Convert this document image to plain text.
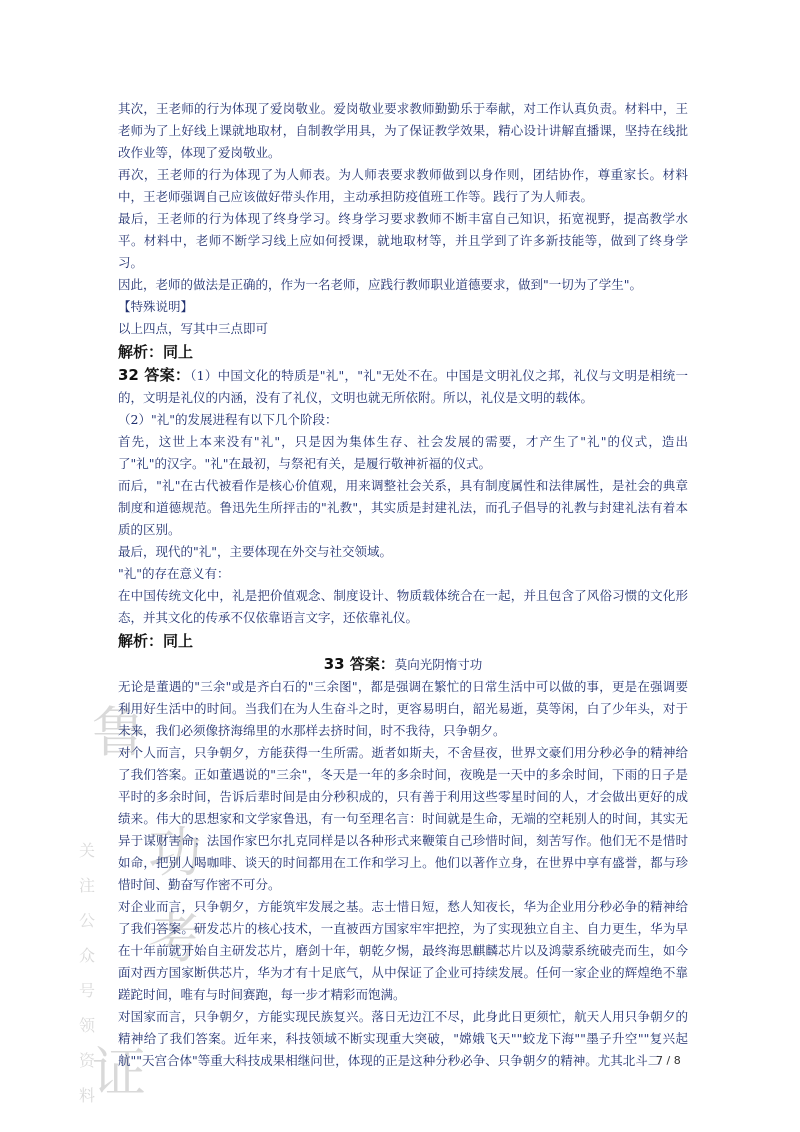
鲁
功
考
证
关
注
公
众
号
领
资
料

其次，王老师的行为体现了爱岗敬业。爱岗敬业要求教师勤勤乐于奉献，对工作认真负责。材料中，王老师为了上好线上课就地取材，自制教学用具，为了保证教学效果，精心设计讲解直播课，坚持在线批改作业等，体现了爱岗敬业。

再次，王老师的行为体现了为人师表。为人师表要求教师做到以身作则，团结协作，尊重家长。材料中，王老师强调自己应该做好带头作用，主动承担防疫值班工作等。践行了为人师表。

最后，王老师的行为体现了终身学习。终身学习要求教师不断丰富自己知识，拓宽视野，提高教学水平。材料中，老师不断学习线上应如何授课，就地取材等，并且学到了许多新技能等，做到了终身学习。

因此，老师的做法是正确的，作为一名老师，应践行教师职业道德要求，做到"一切为了学生"。

【特殊说明】

以上四点，写其中三点即可

解析：同上

32 答案：（1）中国文化的特质是"礼"，"礼"无处不在。中国是文明礼仪之邦，礼仪与文明是相统一的，文明是礼仪的内涵，没有了礼仪，文明也就无所依附。所以，礼仪是文明的载体。

（2）"礼"的发展进程有以下几个阶段：

首先，这世上本来没有"礼"，只是因为集体生存、社会发展的需要，才产生了"礼"的仪式，造出了"礼"的汉字。"礼"在最初，与祭祀有关，是履行敬神祈福的仪式。

而后，"礼"在古代被看作是核心价值观，用来调整社会关系，具有制度属性和法律属性，是社会的典章制度和道德规范。鲁迅先生所抨击的"礼教"，其实质是封建礼法，而孔子倡导的礼教与封建礼法有着本质的区别。

最后，现代的"礼"，主要体现在外交与社交领域。

"礼"的存在意义有：

在中国传统文化中，礼是把价值观念、制度设计、物质载体统合在一起，并且包含了风俗习惯的文化形态，并其文化的传承不仅依靠语言文字，还依靠礼仪。

解析：同上

33 答案：莫向光阴惰寸功

无论是董遇的"三余"或是齐白石的"三余图"，都是强调在繁忙的日常生活中可以做的事，更是在强调要利用好生活中的时间。当我们在为人生奋斗之时，更容易明白，韶光易逝，莫等闲，白了少年头，对于未来，我们必须像挤海绵里的水那样去挤时间，时不我待，只争朝夕。

对个人而言，只争朝夕，方能获得一生所需。逝者如斯夫，不舍昼夜，世界文豪们用分秒必争的精神给了我们答案。正如董遇说的"三余"，冬天是一年的多余时间，夜晚是一天中的多余时间，下雨的日子是平时的多余时间，告诉后辈时间是由分秒积成的，只有善于利用这些零星时间的人，才会做出更好的成绩来。伟大的思想家和文学家鲁迅，有一句至理名言：时间就是生命，无端的空耗别人的时间，其实无异于谋财害命；法国作家巴尔扎克同样是以各种形式来鞭策自己珍惜时间，刻苦写作。他们无不是惜时如命，把别人喝咖啡、谈天的时间都用在工作和学习上。他们以著作立身，在世界中享有盛誉，都与珍惜时间、勤奋写作密不可分。

对企业而言，只争朝夕，方能筑牢发展之基。志士惜日短，愁人知夜长，华为企业用分秒必争的精神给了我们答案。研发芯片的核心技术，一直被西方国家牢牢把控，为了实现独立自主、自力更生，华为早在十年前就开始自主研发芯片，磨剑十年，朝乾夕惕，最终海思麒麟芯片以及鸿蒙系统破壳而生，如今面对西方国家断供芯片，华为才有十足底气，从中保证了企业可持续发展。任何一家企业的辉煌绝不靠蹉跎时间，唯有与时间赛跑，每一步才精彩而饱满。

对国家而言，只争朝夕，方能实现民族复兴。落日无边江不尽，此身此日更须忙，航天人用只争朝夕的精神给了我们答案。近年来，科技领域不断实现重大突破，"嫦娥飞天""蛟龙下海""墨子升空""复兴起航""天宫合体"等重大科技成果相继问世，体现的正是这种分秒必争、只争朝夕的精神。尤其北斗二

7 / 8
